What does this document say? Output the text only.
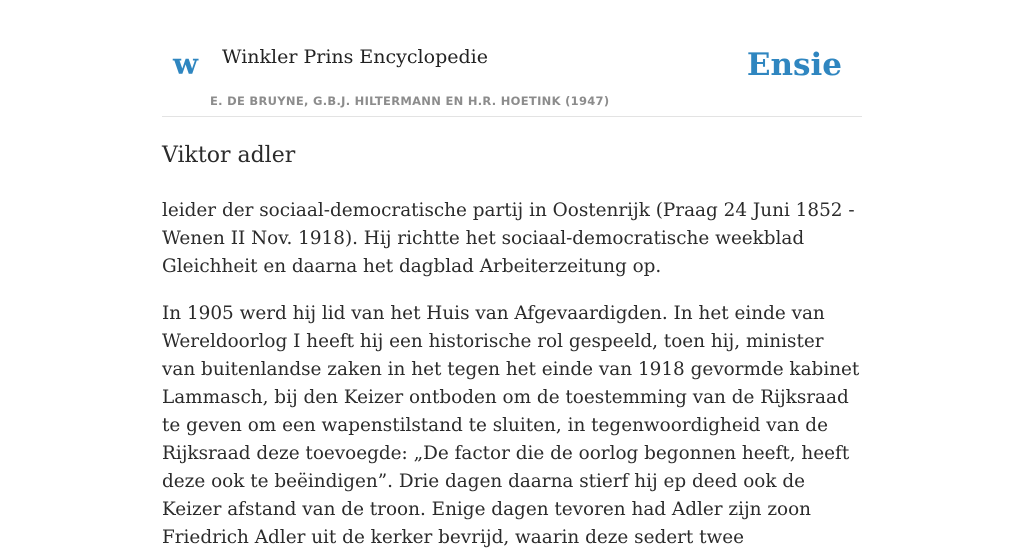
w Winkler Prins Encyclopedie
E. DE BRUYNE, G.B.J. HILTERMANN EN H.R. HOETINK (1947)
Ensie
Viktor adler

leider der sociaal-democratische partij in Oostenrijk (Praag 24 Juni 1852 - Wenen II Nov. 1918). Hij richtte het sociaal-democratische weekblad Gleichheit en daarna het dagblad Arbeiterzeitung op.

In 1905 werd hij lid van het Huis van Afgevaardigden. In het einde van Wereldoorlog I heeft hij een historische rol gespeeld, toen hij, minister van buitenlandse zaken in het tegen het einde van 1918 gevormde kabinet Lammasch, bij den Keizer ontboden om de toestemming van de Rijksraad te geven om een wapenstilstand te sluiten, in tegenwoordigheid van de Rijksraad deze toevoegde: „De factor die de oorlog begonnen heeft, heeft deze ook te beëindigen”. Drie dagen daarna stierf hij ep deed ook de Keizer afstand van de troon. Enige dagen tevoren had Adler zijn zoon Friedrich Adler uit de kerker bevrijd, waarin deze sedert twee
